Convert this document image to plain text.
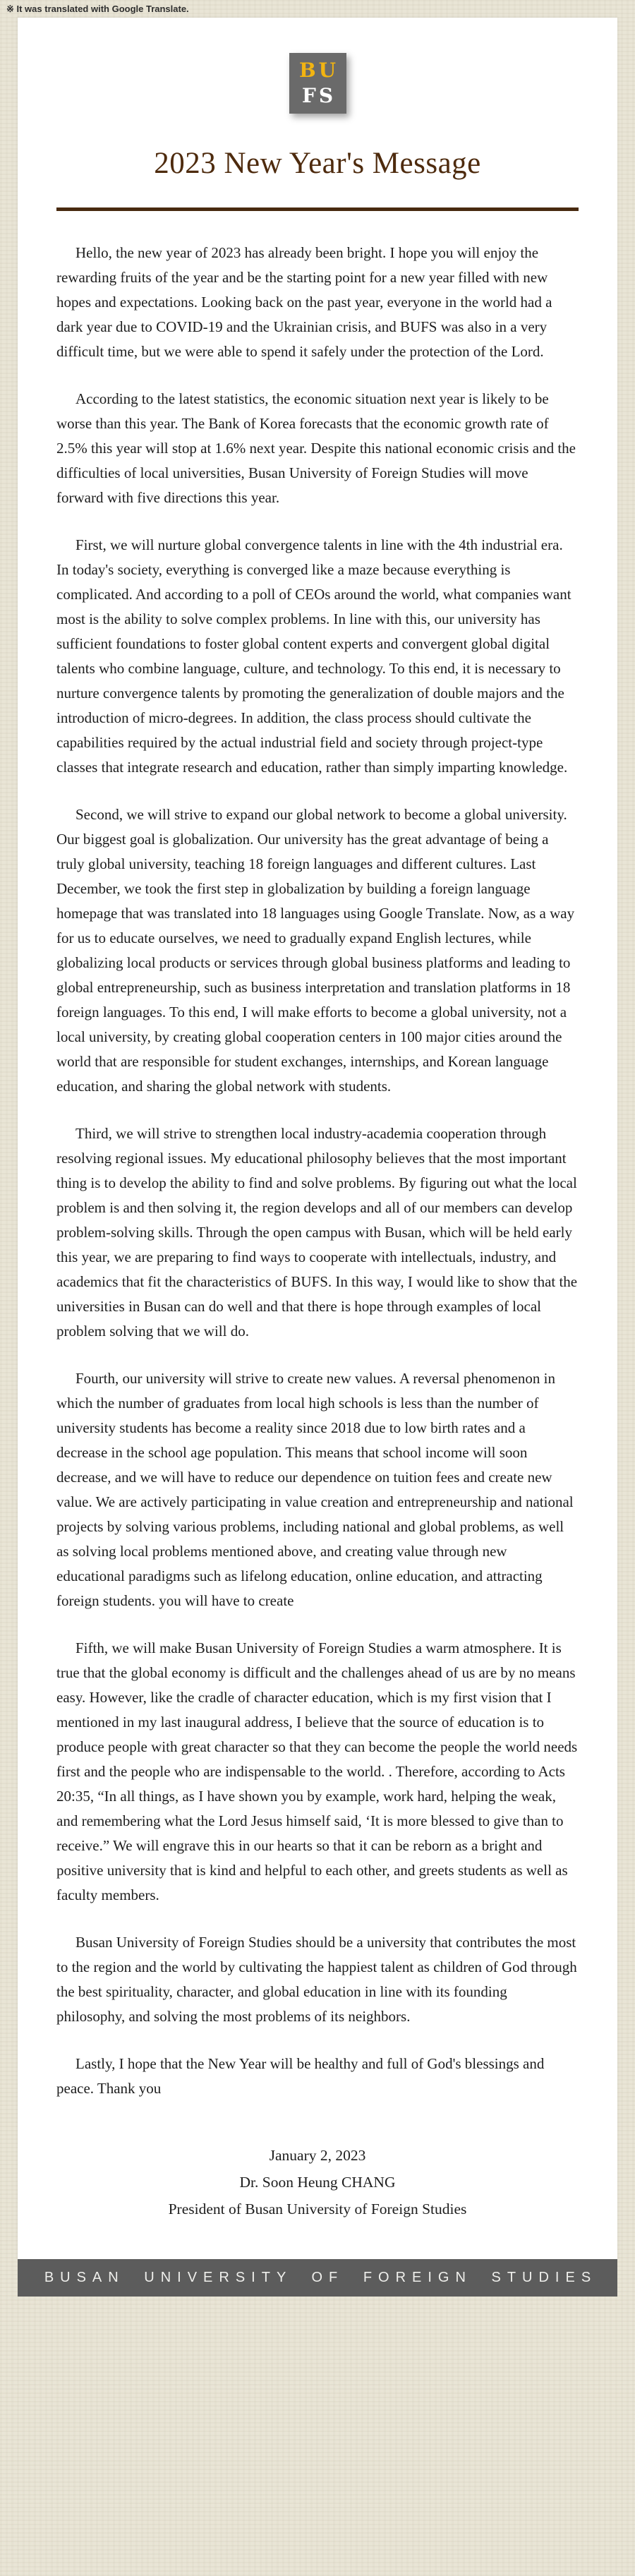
※ It was translated with Google Translate.
BU
FS
2023 New Year's Message

Hello, the new year of 2023 has already been bright. I hope you will enjoy the rewarding fruits of the year and be the starting point for a new year filled with new hopes and expectations. Looking back on the past year, everyone in the world had a dark year due to COVID-19 and the Ukrainian crisis, and BUFS was also in a very difficult time, but we were able to spend it safely under the protection of the Lord.

According to the latest statistics, the economic situation next year is likely to be worse than this year. The Bank of Korea forecasts that the economic growth rate of 2.5% this year will stop at 1.6% next year. Despite this national economic crisis and the difficulties of local universities, Busan University of Foreign Studies will move forward with five directions this year.

First, we will nurture global convergence talents in line with the 4th industrial era. In today's society, everything is converged like a maze because everything is complicated. And according to a poll of CEOs around the world, what companies want most is the ability to solve complex problems. In line with this, our university has sufficient foundations to foster global content experts and convergent global digital talents who combine language, culture, and technology. To this end, it is necessary to nurture convergence talents by promoting the generalization of double majors and the introduction of micro-degrees. In addition, the class process should cultivate the capabilities required by the actual industrial field and society through project-type classes that integrate research and education, rather than simply imparting knowledge.

Second, we will strive to expand our global network to become a global university. Our biggest goal is globalization. Our university has the great advantage of being a truly global university, teaching 18 foreign languages and different cultures. Last December, we took the first step in globalization by building a foreign language homepage that was translated into 18 languages using Google Translate. Now, as a way for us to educate ourselves, we need to gradually expand English lectures, while globalizing local products or services through global business platforms and leading to global entrepreneurship, such as business interpretation and translation platforms in 18 foreign languages. To this end, I will make efforts to become a global university, not a local university, by creating global cooperation centers in 100 major cities around the world that are responsible for student exchanges, internships, and Korean language education, and sharing the global network with students.

Third, we will strive to strengthen local industry-academia cooperation through resolving regional issues. My educational philosophy believes that the most important thing is to develop the ability to find and solve problems. By figuring out what the local problem is and then solving it, the region develops and all of our members can develop problem-solving skills. Through the open campus with Busan, which will be held early this year, we are preparing to find ways to cooperate with intellectuals, industry, and academics that fit the characteristics of BUFS. In this way, I would like to show that the universities in Busan can do well and that there is hope through examples of local problem solving that we will do.

Fourth, our university will strive to create new values. A reversal phenomenon in which the number of graduates from local high schools is less than the number of university students has become a reality since 2018 due to low birth rates and a decrease in the school age population. This means that school income will soon decrease, and we will have to reduce our dependence on tuition fees and create new value. We are actively participating in value creation and entrepreneurship and national projects by solving various problems, including national and global problems, as well as solving local problems mentioned above, and creating value through new educational paradigms such as lifelong education, online education, and attracting foreign students. you will have to create

Fifth, we will make Busan University of Foreign Studies a warm atmosphere. It is true that the global economy is difficult and the challenges ahead of us are by no means easy. However, like the cradle of character education, which is my first vision that I mentioned in my last inaugural address, I believe that the source of education is to produce people with great character so that they can become the people the world needs first and the people who are indispensable to the world. . Therefore, according to Acts 20:35, “In all things, as I have shown you by example, work hard, helping the weak, and remembering what the Lord Jesus himself said, ‘It is more blessed to give than to receive.” We will engrave this in our hearts so that it can be reborn as a bright and positive university that is kind and helpful to each other, and greets students as well as faculty members.

Busan University of Foreign Studies should be a university that contributes the most to the region and the world by cultivating the happiest talent as children of God through the best spirituality, character, and global education in line with its founding philosophy, and solving the most problems of its neighbors.

Lastly, I hope that the New Year will be healthy and full of God's blessings and peace. Thank you

January 2, 2023
Dr. Soon Heung CHANG
President of Busan University of Foreign Studies
BUSAN UNIVERSITY OF FOREIGN STUDIES
